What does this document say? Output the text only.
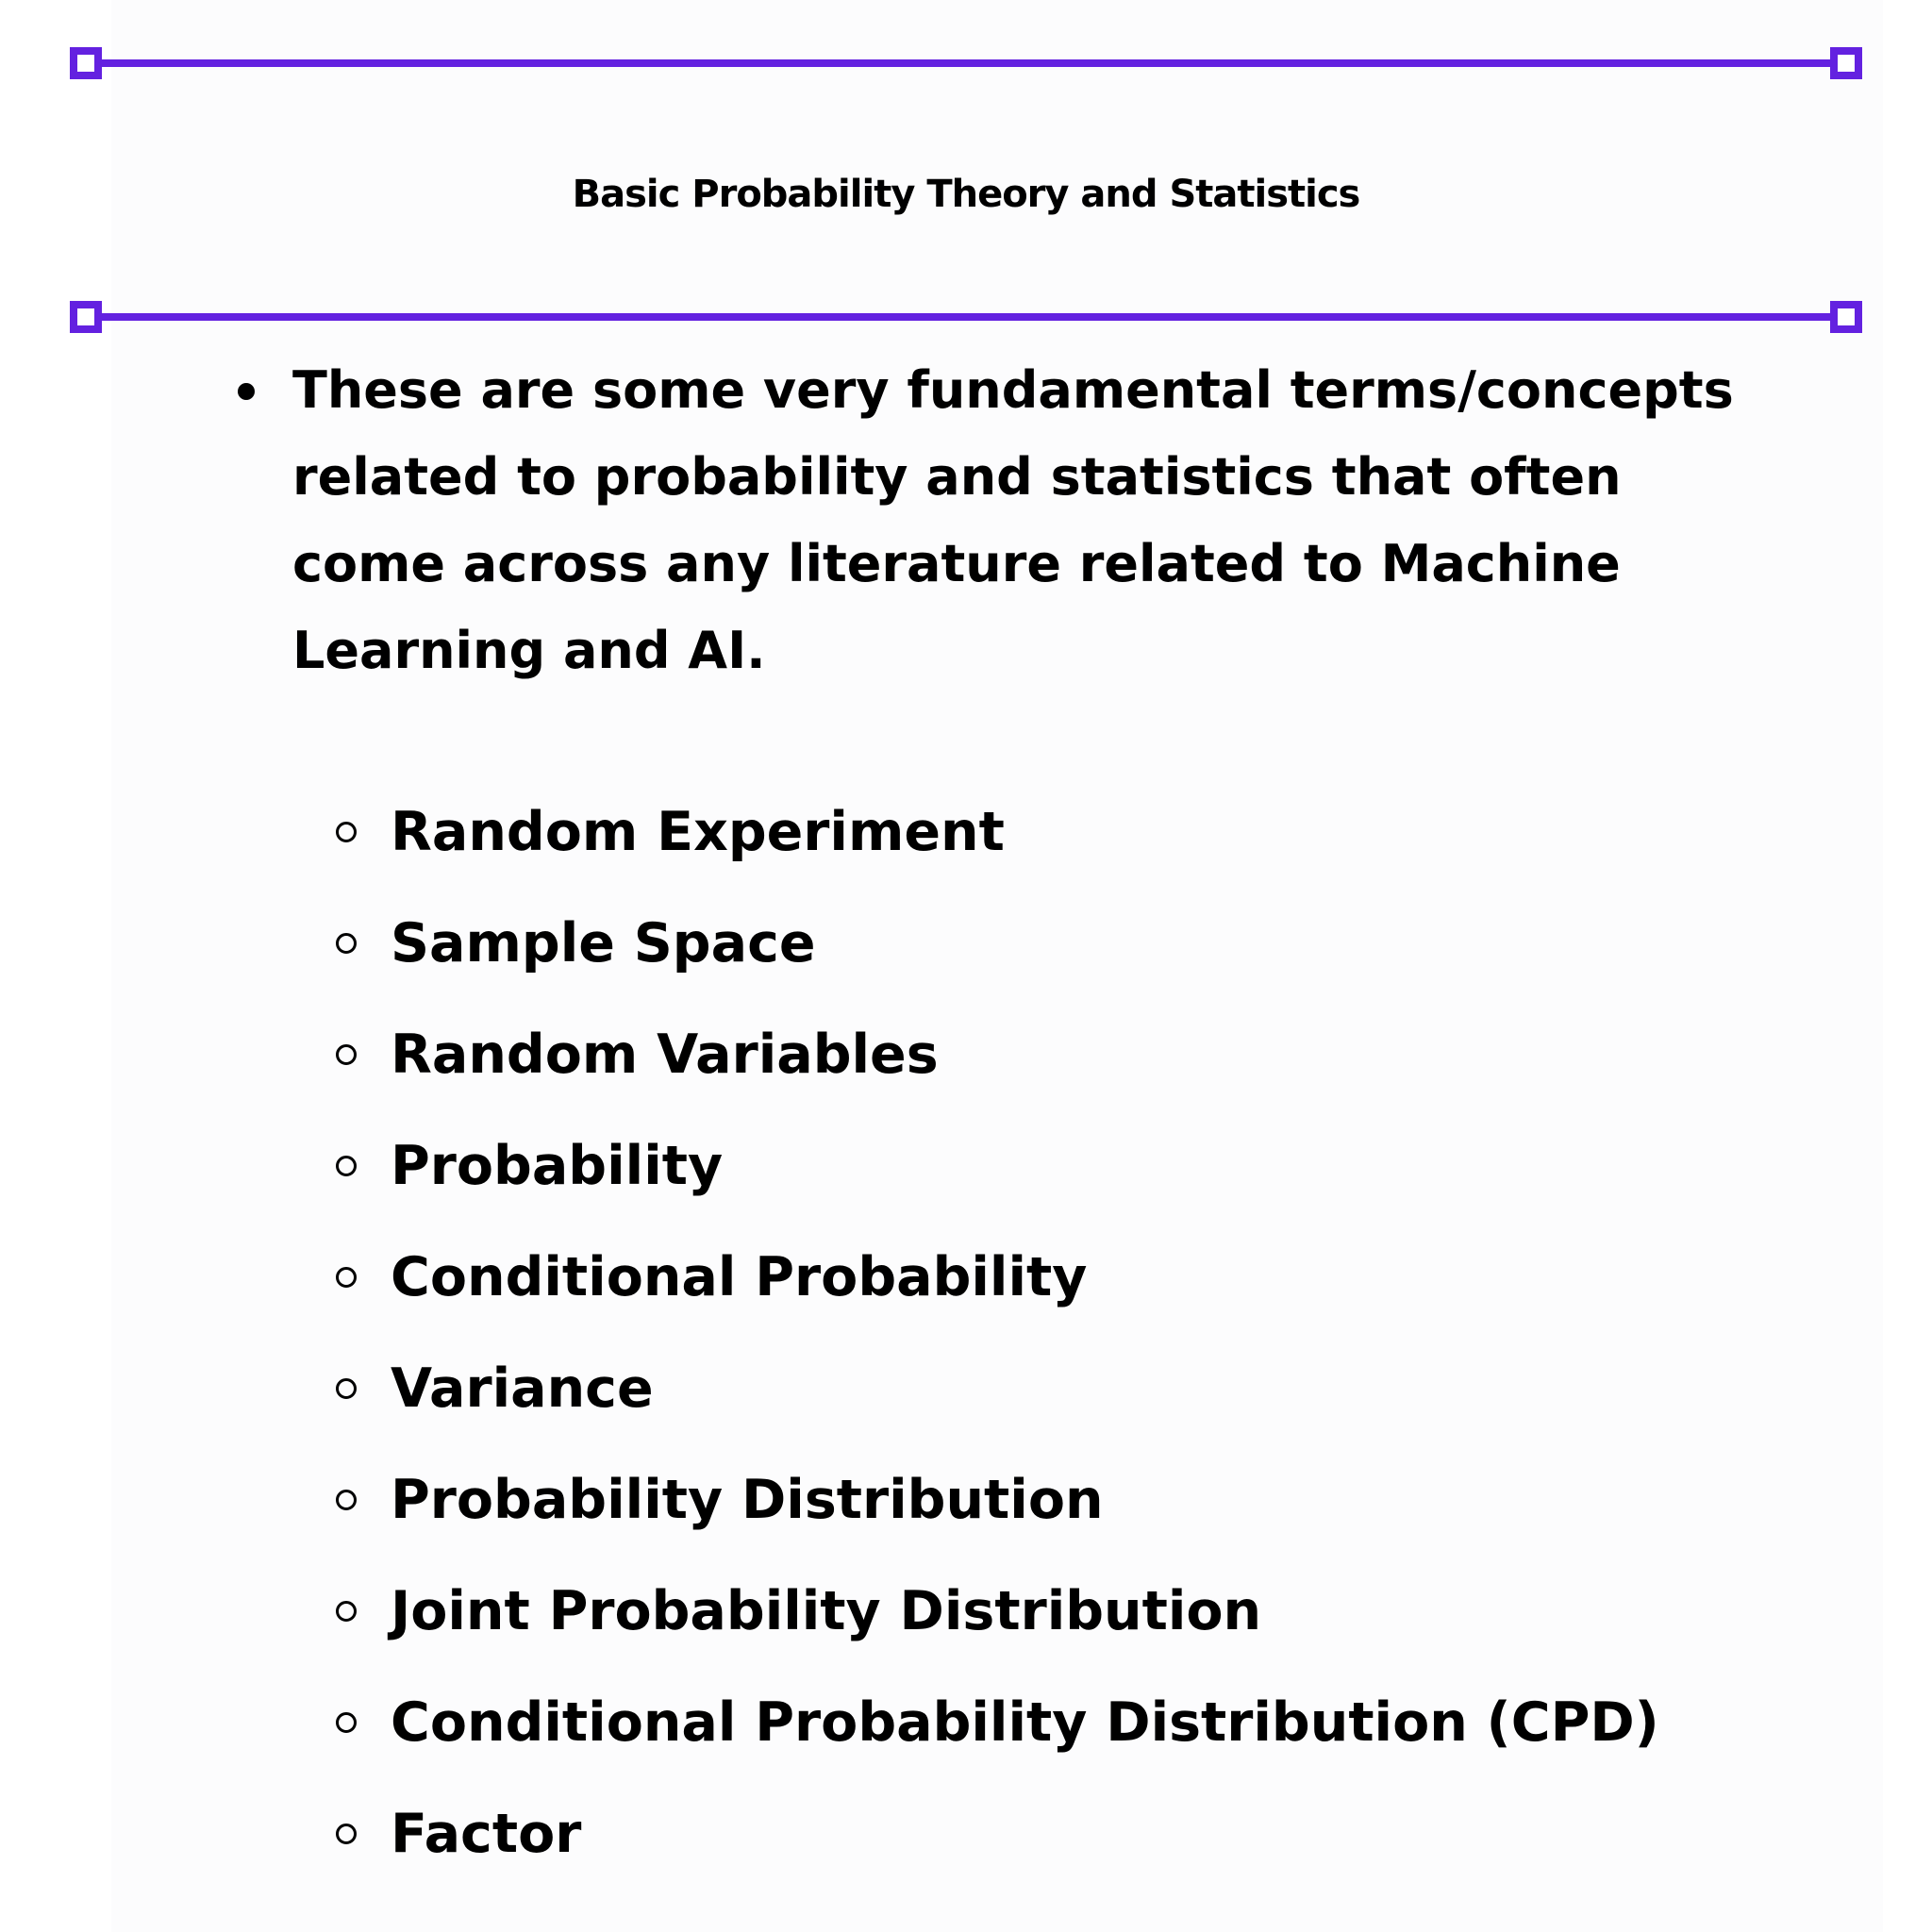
Basic Probability Theory and Statistics

These are some very fundamental terms/concepts related to probability and statistics that often come across any literature related to Machine Learning and AI.

Random Experiment
Sample Space
Random Variables
Probability
Conditional Probability
Variance
Probability Distribution
Joint Probability Distribution
Conditional Probability Distribution (CPD)
Factor
